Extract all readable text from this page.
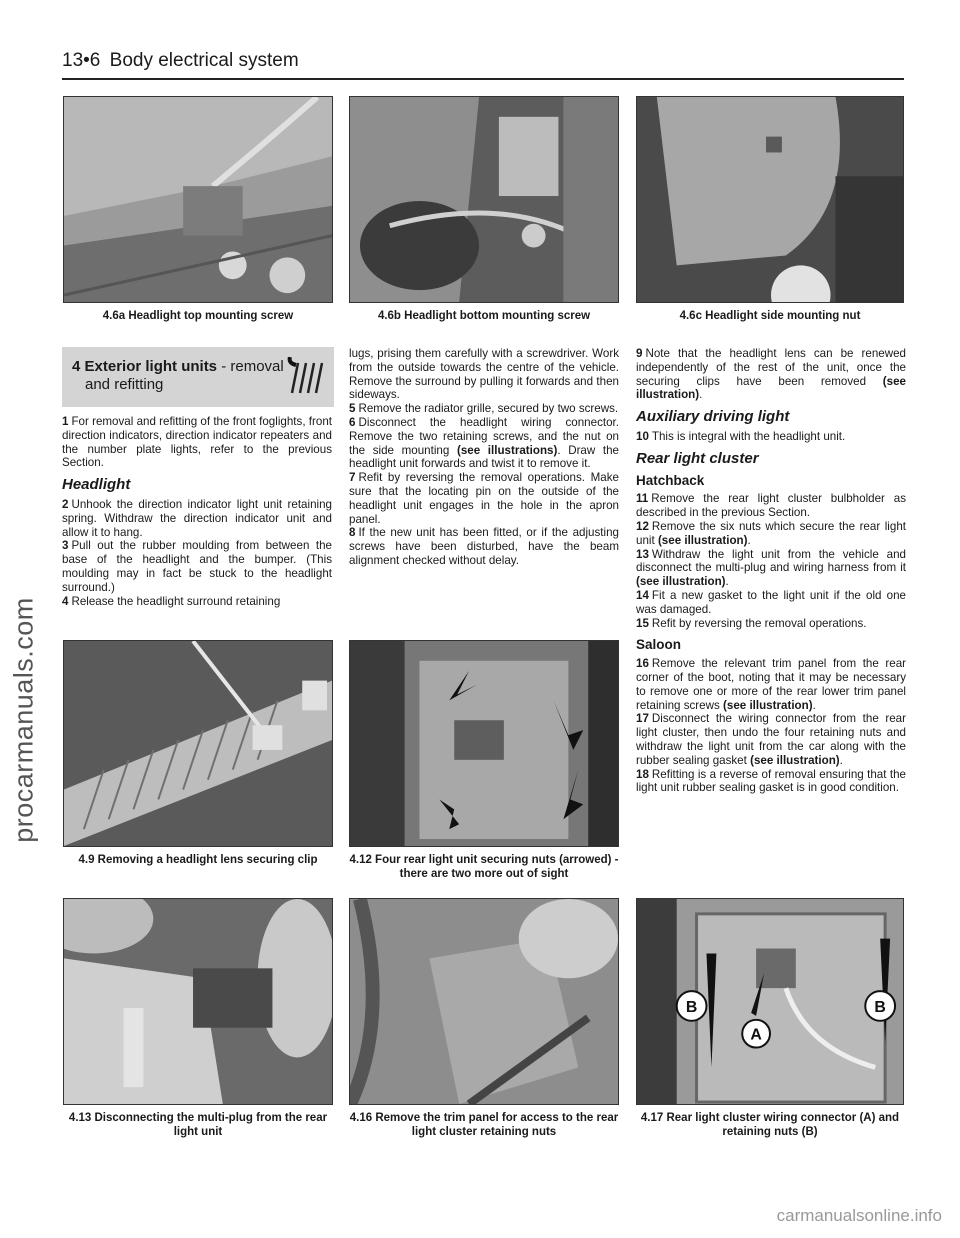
13•6 Body electrical system
procarmanuals.com
4.6a Headlight top mounting screw	4.6b Headlight bottom mounting screw	4.6c Headlight side mounting nut
4 Exterior light units - removal
and refitting

1 For removal and refitting of the front foglights, front direction indicators, direction indicator repeaters and the number plate lights, refer to the previous Section.

Headlight

2 Unhook the direction indicator light unit retaining spring. Withdraw the direction indicator unit and allow it to hang.

3 Pull out the rubber moulding from between the base of the headlight and the bumper. (This moulding may in fact be stuck to the headlight surround.)

4 Release the headlight surround retaining

lugs, prising them carefully with a screwdriver. Work from the outside towards the centre of the vehicle. Remove the surround by pulling it forwards and then sideways.

5 Remove the radiator grille, secured by two screws.

6 Disconnect the headlight wiring connector. Remove the two retaining screws, and the nut on the side mounting (see illustrations). Draw the headlight unit forwards and twist it to remove it.

7 Refit by reversing the removal operations. Make sure that the locating pin on the outside of the headlight unit engages in the hole in the apron panel.

8 If the new unit has been fitted, or if the adjusting screws have been disturbed, have the beam alignment checked without delay.

9 Note that the headlight lens can be renewed independently of the rest of the unit, once the securing clips have been removed (see illustration).

Auxiliary driving light

10 This is integral with the headlight unit.

Rear light cluster
Hatchback

11 Remove the rear light cluster bulbholder as described in the previous Section.

12 Remove the six nuts which secure the rear light unit (see illustration).

13 Withdraw the light unit from the vehicle and disconnect the multi-plug and wiring harness from it (see illustration).

14 Fit a new gasket to the light unit if the old one was damaged.

15 Refit by reversing the removal operations.

Saloon

16 Remove the relevant trim panel from the rear corner of the boot, noting that it may be necessary to remove one or more of the rear lower trim panel retaining screws (see illustration).

17 Disconnect the wiring connector from the rear light cluster, then undo the four retaining nuts and withdraw the light unit from the car along with the rubber sealing gasket (see illustration).

18 Refitting is a reverse of removal ensuring that the light unit rubber sealing gasket is in good condition.

4.9 Removing a headlight lens securing clip	4.12 Four rear light unit securing nuts (arrowed) - there are two more out of sight
B	B
A
4.13 Disconnecting the multi-plug from the rear light unit
4.16 Remove the trim panel for access to the rear light cluster retaining nuts
4.17 Rear light cluster wiring connector (A) and retaining nuts (B)
carmanualsonline.info
